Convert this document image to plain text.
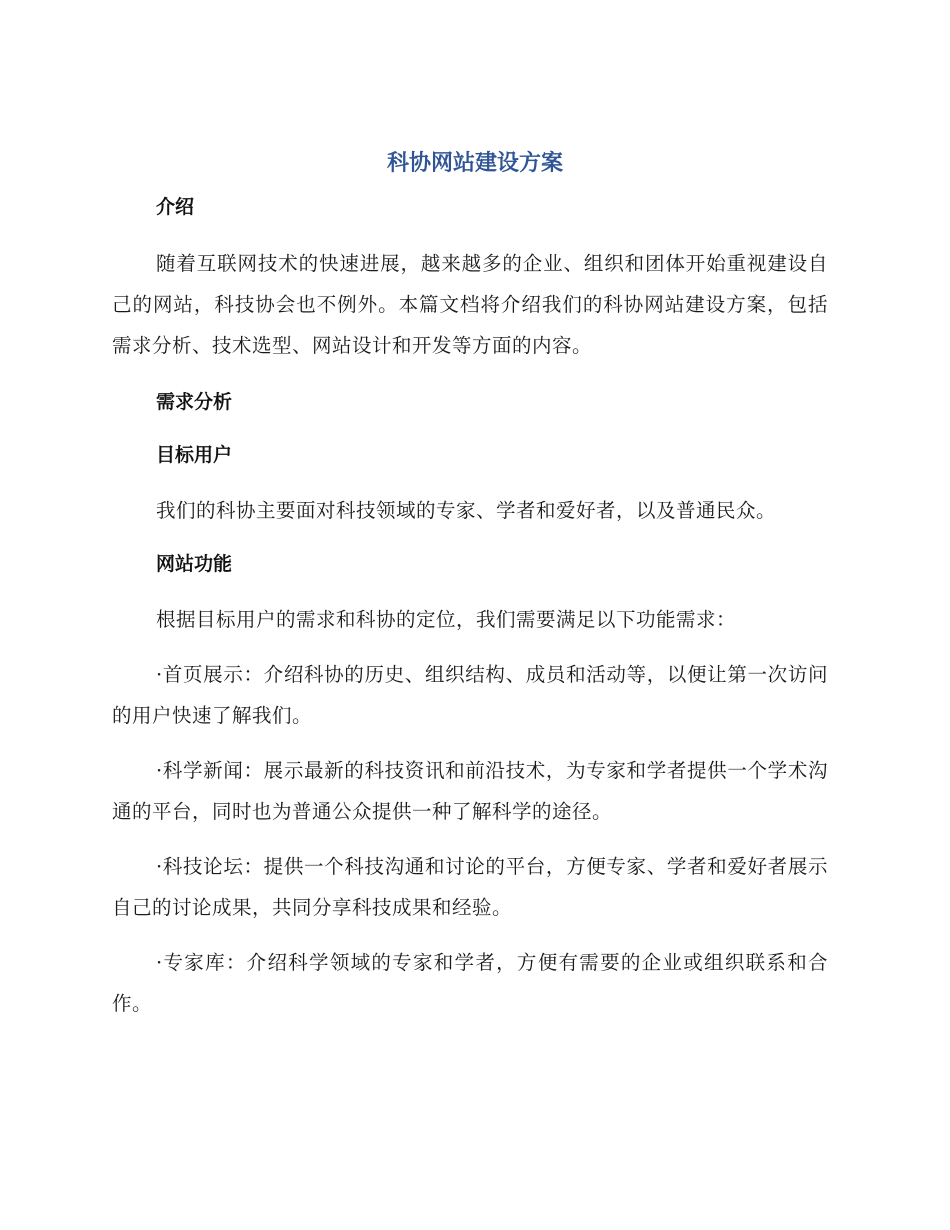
科协网站建设方案

介绍

随着互联网技术的快速进展，越来越多的企业、组织和团体开始重视建设自己的网站，科技协会也不例外。本篇文档将介绍我们的科协网站建设方案，包括需求分析、技术选型、网站设计和开发等方面的内容。

需求分析

目标用户

我们的科协主要面对科技领域的专家、学者和爱好者，以及普通民众。

网站功能

根据目标用户的需求和科协的定位，我们需要满足以下功能需求：

·首页展示：介绍科协的历史、组织结构、成员和活动等，以便让第一次访问的用户快速了解我们。

·科学新闻：展示最新的科技资讯和前沿技术，为专家和学者提供一个学术沟通的平台，同时也为普通公众提供一种了解科学的途径。

·科技论坛：提供一个科技沟通和讨论的平台，方便专家、学者和爱好者展示自己的讨论成果，共同分享科技成果和经验。

·专家库：介绍科学领域的专家和学者，方便有需要的企业或组织联系和合作。
